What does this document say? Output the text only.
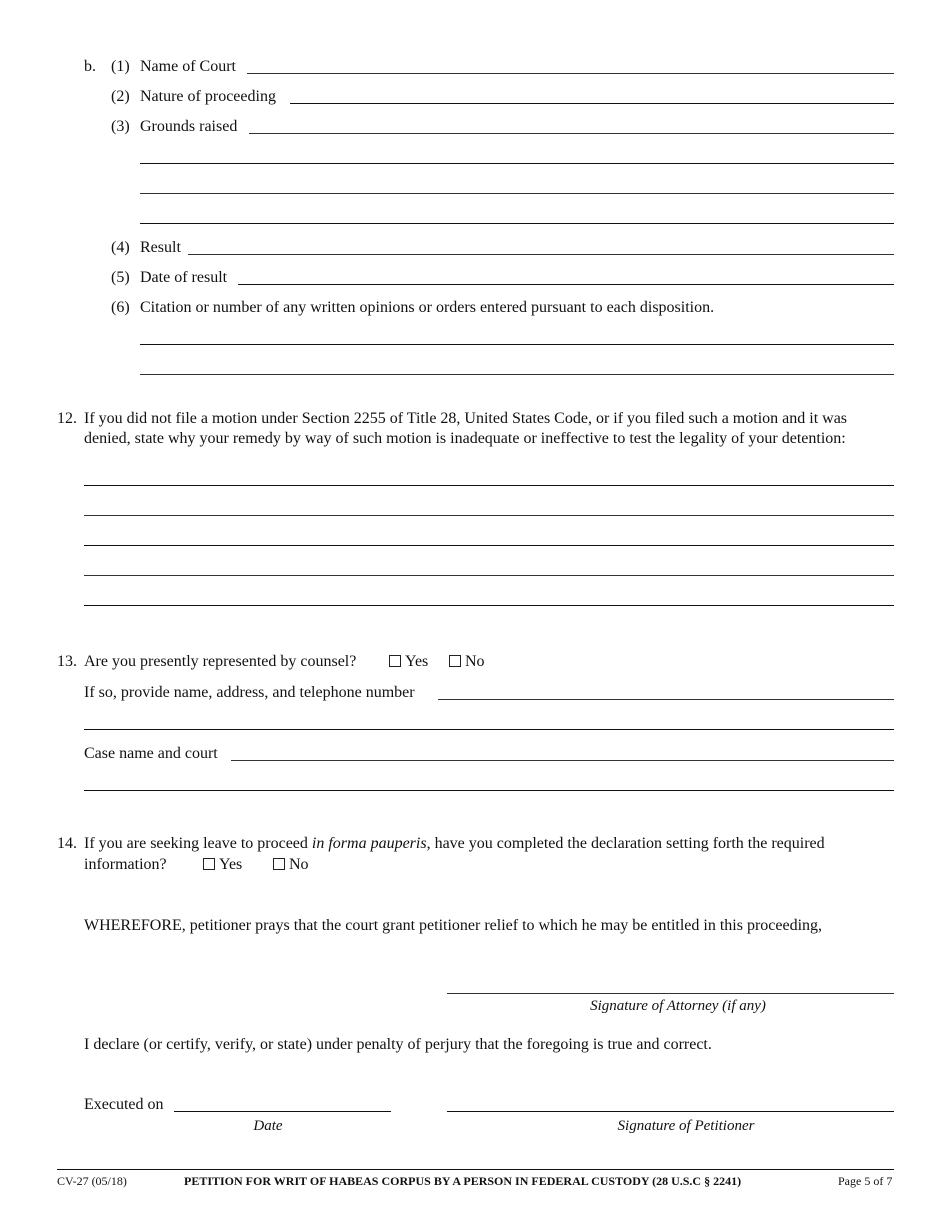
b. (1) Name of Court
(2) Nature of proceeding
(3) Grounds raised
(4) Result
(5) Date of result
(6) Citation or number of any written opinions or orders entered pursuant to each disposition.
12. If you did not file a motion under Section 2255 of Title 28, United States Code, or if you filed such a motion and it was denied, state why your remedy by way of such motion is inadequate or ineffective to test the legality of your detention:
13. Are you presently represented by counsel?	Yes	No
If so, provide name, address, and telephone number
Case name and court
14. If you are seeking leave to proceed in forma pauperis, have you completed the declaration setting forth the required
information?	Yes	No
WHEREFORE, petitioner prays that the court grant petitioner relief to which he may be entitled in this proceeding,
Signature of Attorney (if any)
I declare (or certify, verify, or state) under penalty of perjury that the foregoing is true and correct.
Executed on
Date	Signature of Petitioner
CV-27 (05/18)	PETITION FOR WRIT OF HABEAS CORPUS BY A PERSON IN FEDERAL CUSTODY (28 U.S.C § 2241)	Page 5 of 7
